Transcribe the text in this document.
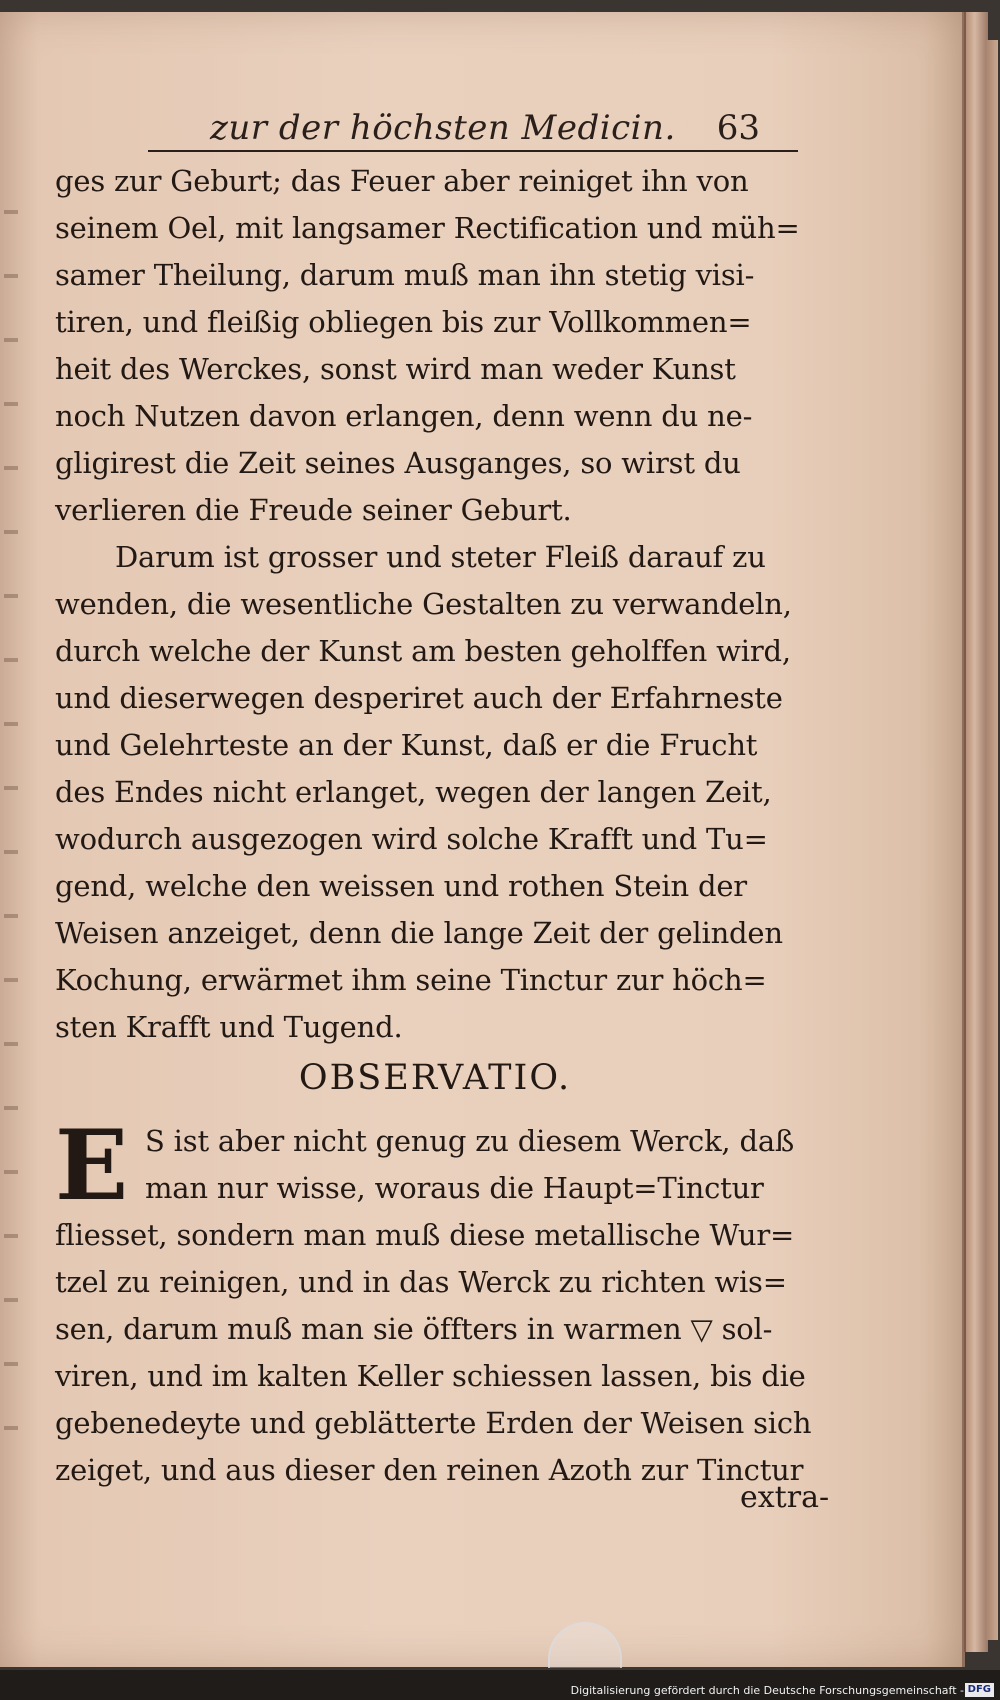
zur der höchsten Medicin. 63
ges zur Geburt; das Feuer aber reiniget ihn von
seinem Oel, mit langsamer Rectification und müh=
samer Theilung, darum muß man ihn stetig visi-
tiren, und fleißig obliegen bis zur Vollkommen=
heit des Werckes, sonst wird man weder Kunst
noch Nutzen davon erlangen, denn wenn du ne-
gligirest die Zeit seines Ausganges, so wirst du
verlieren die Freude seiner Geburt.
Darum ist grosser und steter Fleiß darauf zu
wenden, die wesentliche Gestalten zu verwandeln,
durch welche der Kunst am besten geholffen wird,
und dieserwegen desperiret auch der Erfahrneste
und Gelehrteste an der Kunst, daß er die Frucht
des Endes nicht erlanget, wegen der langen Zeit,
wodurch ausgezogen wird solche Krafft und Tu=
gend, welche den weissen und rothen Stein der
Weisen anzeiget, denn die lange Zeit der gelinden
Kochung, erwärmet ihm seine Tinctur zur höch=
sten Krafft und Tugend.
OBSERVATIO.
E S ist aber nicht genug zu diesem Werck, daß
man nur wisse, woraus die Haupt=Tinctur
fliesset, sondern man muß diese metallische Wur=
tzel zu reinigen, und in das Werck zu richten wis=
sen, darum muß man sie öffters in warmen ▽ sol-
viren, und im kalten Keller schiessen lassen, bis die
gebenedeyte und geblätterte Erden der Weisen sich
zeiget, und aus dieser den reinen Azoth zur Tinctur
extra-
Digitalisierung gefördert durch die Deutsche Forschungsgemeinschaft - DFG
